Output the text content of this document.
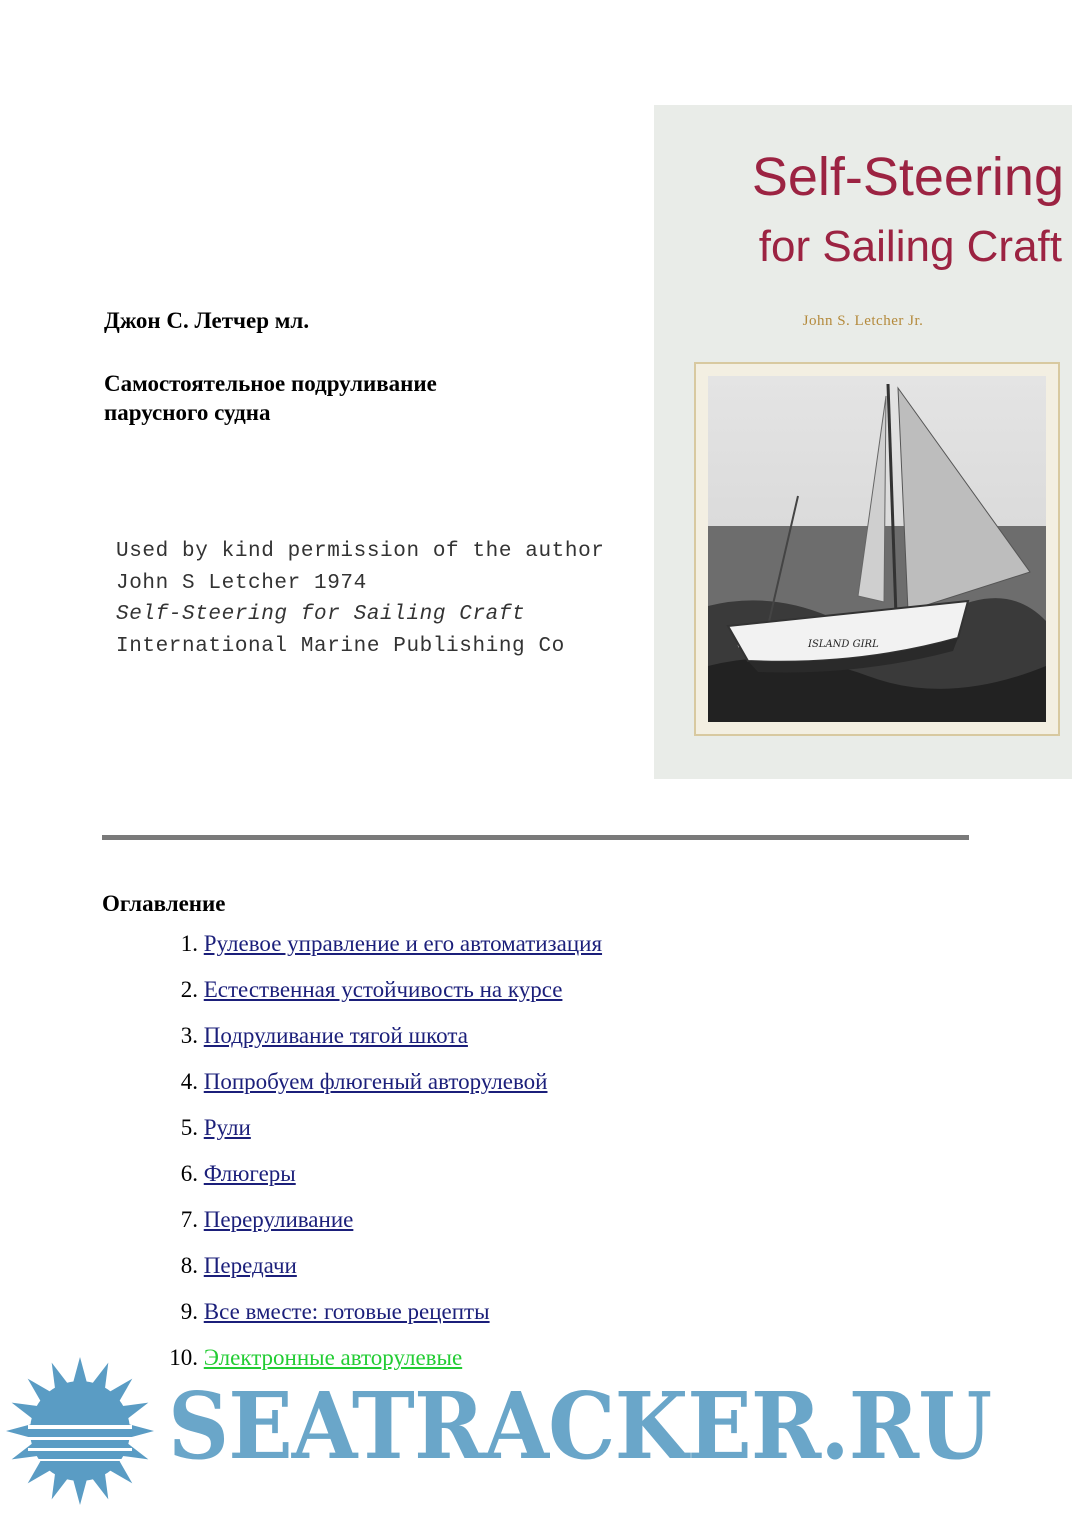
Джон С. Летчер мл.
Самостоятельное подруливание
парусного судна
Used by kind permission of the author
John S Letcher 1974
Self-Steering for Sailing Craft
International Marine Publishing Co
Self-Steering
for Sailing Craft
John S. Letcher Jr.
ISLAND GIRL
Оглавление
1. Рулевое управление и его автоматизация
2. Естественная устойчивость на курсе
3. Подруливание тягой шкота
4. Попробуем флюгеный авторулевой
5. Рули
6. Флюгеры
7. Переруливание
8. Передачи
9. Все вместе: готовые рецепты
10. Электронные авторулевые
SEATRACKER.RU
